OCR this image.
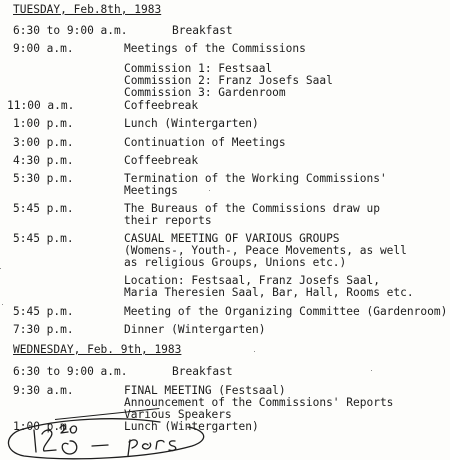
TUESDAY, Feb.8th, 1983
6:30 to 9:00 a.m.	Breakfast
9:00 a.m.	Meetings of the Commissions
Commission 1: Festsaal
Commission 2: Franz Josefs Saal
Commission 3: Gardenroom
11:00 a.m.	Coffeebreak
1:00 p.m.	Lunch (Wintergarten)
3:00 p.m.	Continuation of Meetings
4:30 p.m.	Coffeebreak
5:30 p.m.	Termination of the Working Commissions'
Meetings
5:45 p.m.	The Bureaus of the Commissions draw up
their reports
5:45 p.m.	CASUAL MEETING OF VARIOUS GROUPS
(Womens-, Youth-, Peace Movements, as well
as religious Groups, Unions etc.)
Location: Festsaal, Franz Josefs Saal,
Maria Theresien Saal, Bar, Hall, Rooms etc.
5:45 p.m.	Meeting of the Organizing Committee (Gardenroom)
7:30 p.m.	Dinner (Wintergarten)
WEDNESDAY, Feb. 9th, 1983
6:30 to 9:00 a.m.	Breakfast
9:30 a.m.	FINAL MEETING (Festsaal)
Announcement of the Commissions' Reports
Various Speakers
1:00 p.m.	Lunch (Wintergarten)
